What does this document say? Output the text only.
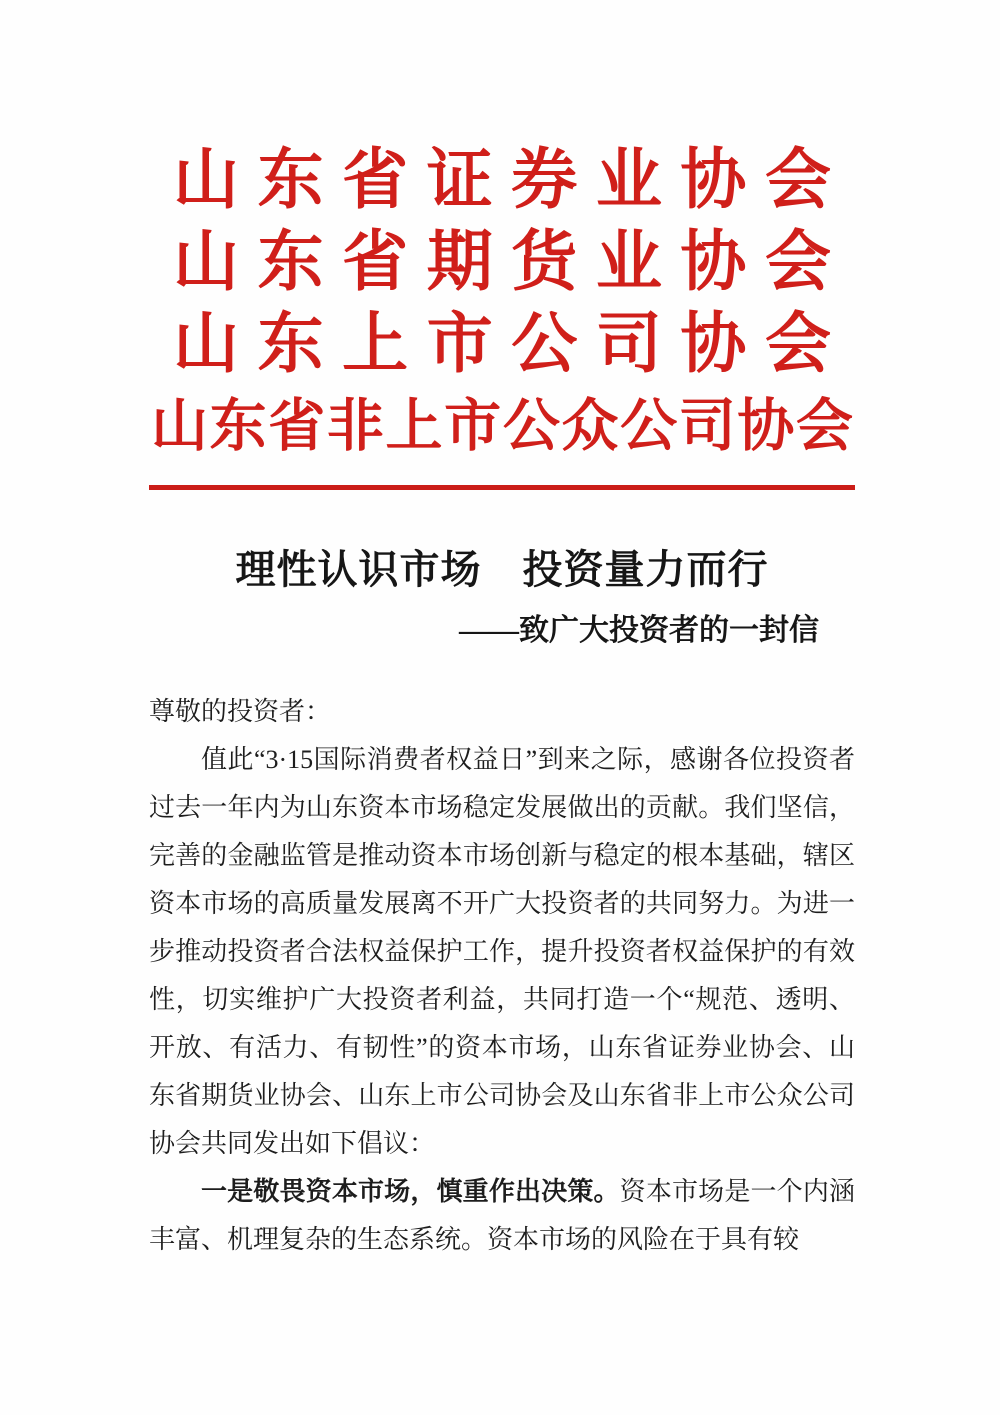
山东省证券业协会
山东省期货业协会
山东上市公司协会
山东省非上市公众公司协会
理性认识市场　投资量力而行
——致广大投资者的一封信

尊敬的投资者：

值此“3·15国际消费者权益日”到来之际，感谢各位投资者过去一年内为山东资本市场稳定发展做出的贡献。我们坚信，完善的金融监管是推动资本市场创新与稳定的根本基础，辖区资本市场的高质量发展离不开广大投资者的共同努力。为进一步推动投资者合法权益保护工作，提升投资者权益保护的有效性，切实维护广大投资者利益，共同打造一个“规范、透明、开放、有活力、有韧性”的资本市场，山东省证券业协会、山东省期货业协会、山东上市公司协会及山东省非上市公众公司协会共同发出如下倡议：

一是敬畏资本市场，慎重作出决策。资本市场是一个内涵丰富、机理复杂的生态系统。资本市场的风险在于具有较
